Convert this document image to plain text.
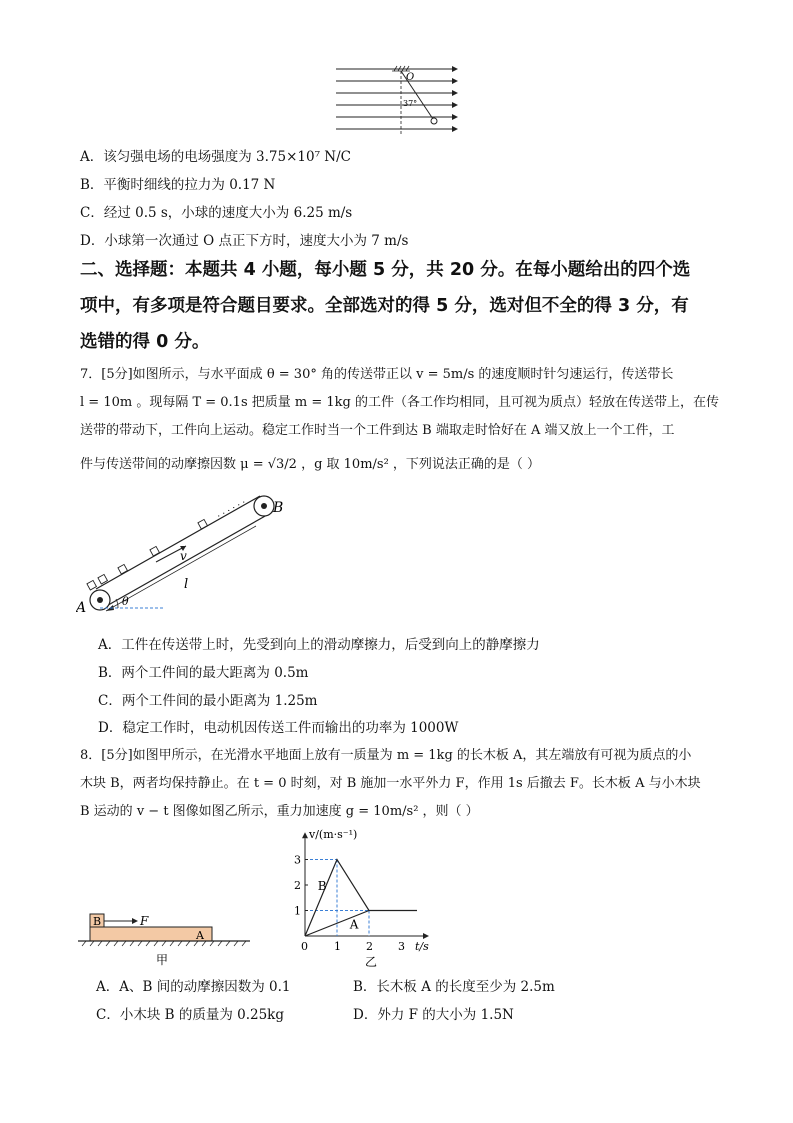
O
37°
A．该匀强电场的电场强度为 3.75×10⁷ N/C
B．平衡时细线的拉力为 0.17 N
C．经过 0.5 s，小球的速度大小为 6.25 m/s
D．小球第一次通过 O 点正下方时，速度大小为 7 m/s
二、选择题：本题共 4 小题，每小题 5 分，共 20 分。在每小题给出的四个选
项中，有多项是符合题目要求。全部选对的得 5 分，选对但不全的得 3 分，有
选错的得 0 分。
7．[5分]如图所示，与水平面成 θ = 30° 角的传送带正以 v = 5m/s 的速度顺时针匀速运行，传送带长
l = 10m 。现每隔 T = 0.1s 把质量 m = 1kg 的工件（各工作均相同，且可视为质点）轻放在传送带上，在传
送带的带动下，工件向上运动。稳定工作时当一个工件到达 B 端取走时恰好在 A 端又放上一个工件，工
件与传送带间的动摩擦因数 μ = √3/2 ，g 取 10m/s² ，下列说法正确的是（ ）
· · · · · ·
v
l
θ
A
B
A．工件在传送带上时，先受到向上的滑动摩擦力，后受到向上的静摩擦力
B．两个工件间的最大距离为 0.5m
C．两个工件间的最小距离为 1.25m
D．稳定工作时，电动机因传送工件而输出的功率为 1000W
8．[5分]如图甲所示，在光滑水平地面上放有一质量为 m = 1kg 的长木板 A，其左端放有可视为质点的小
木块 B，两者均保持静止。在 t = 0 时刻，对 B 施加一水平外力 F，作用 1s 后撤去 F。长木板 A 与小木块
B 运动的 v − t 图像如图乙所示，重力加速度 g = 10m/s² ，则（ ）
B
A
F
甲
B
A
0 1 2 3
1
2
3
t/s
v/(m·s⁻¹)
乙
A．A、B 间的动摩擦因数为 0.1	B．长木板 A 的长度至少为 2.5m
C．小木块 B 的质量为 0.25kg	D．外力 F 的大小为 1.5N
